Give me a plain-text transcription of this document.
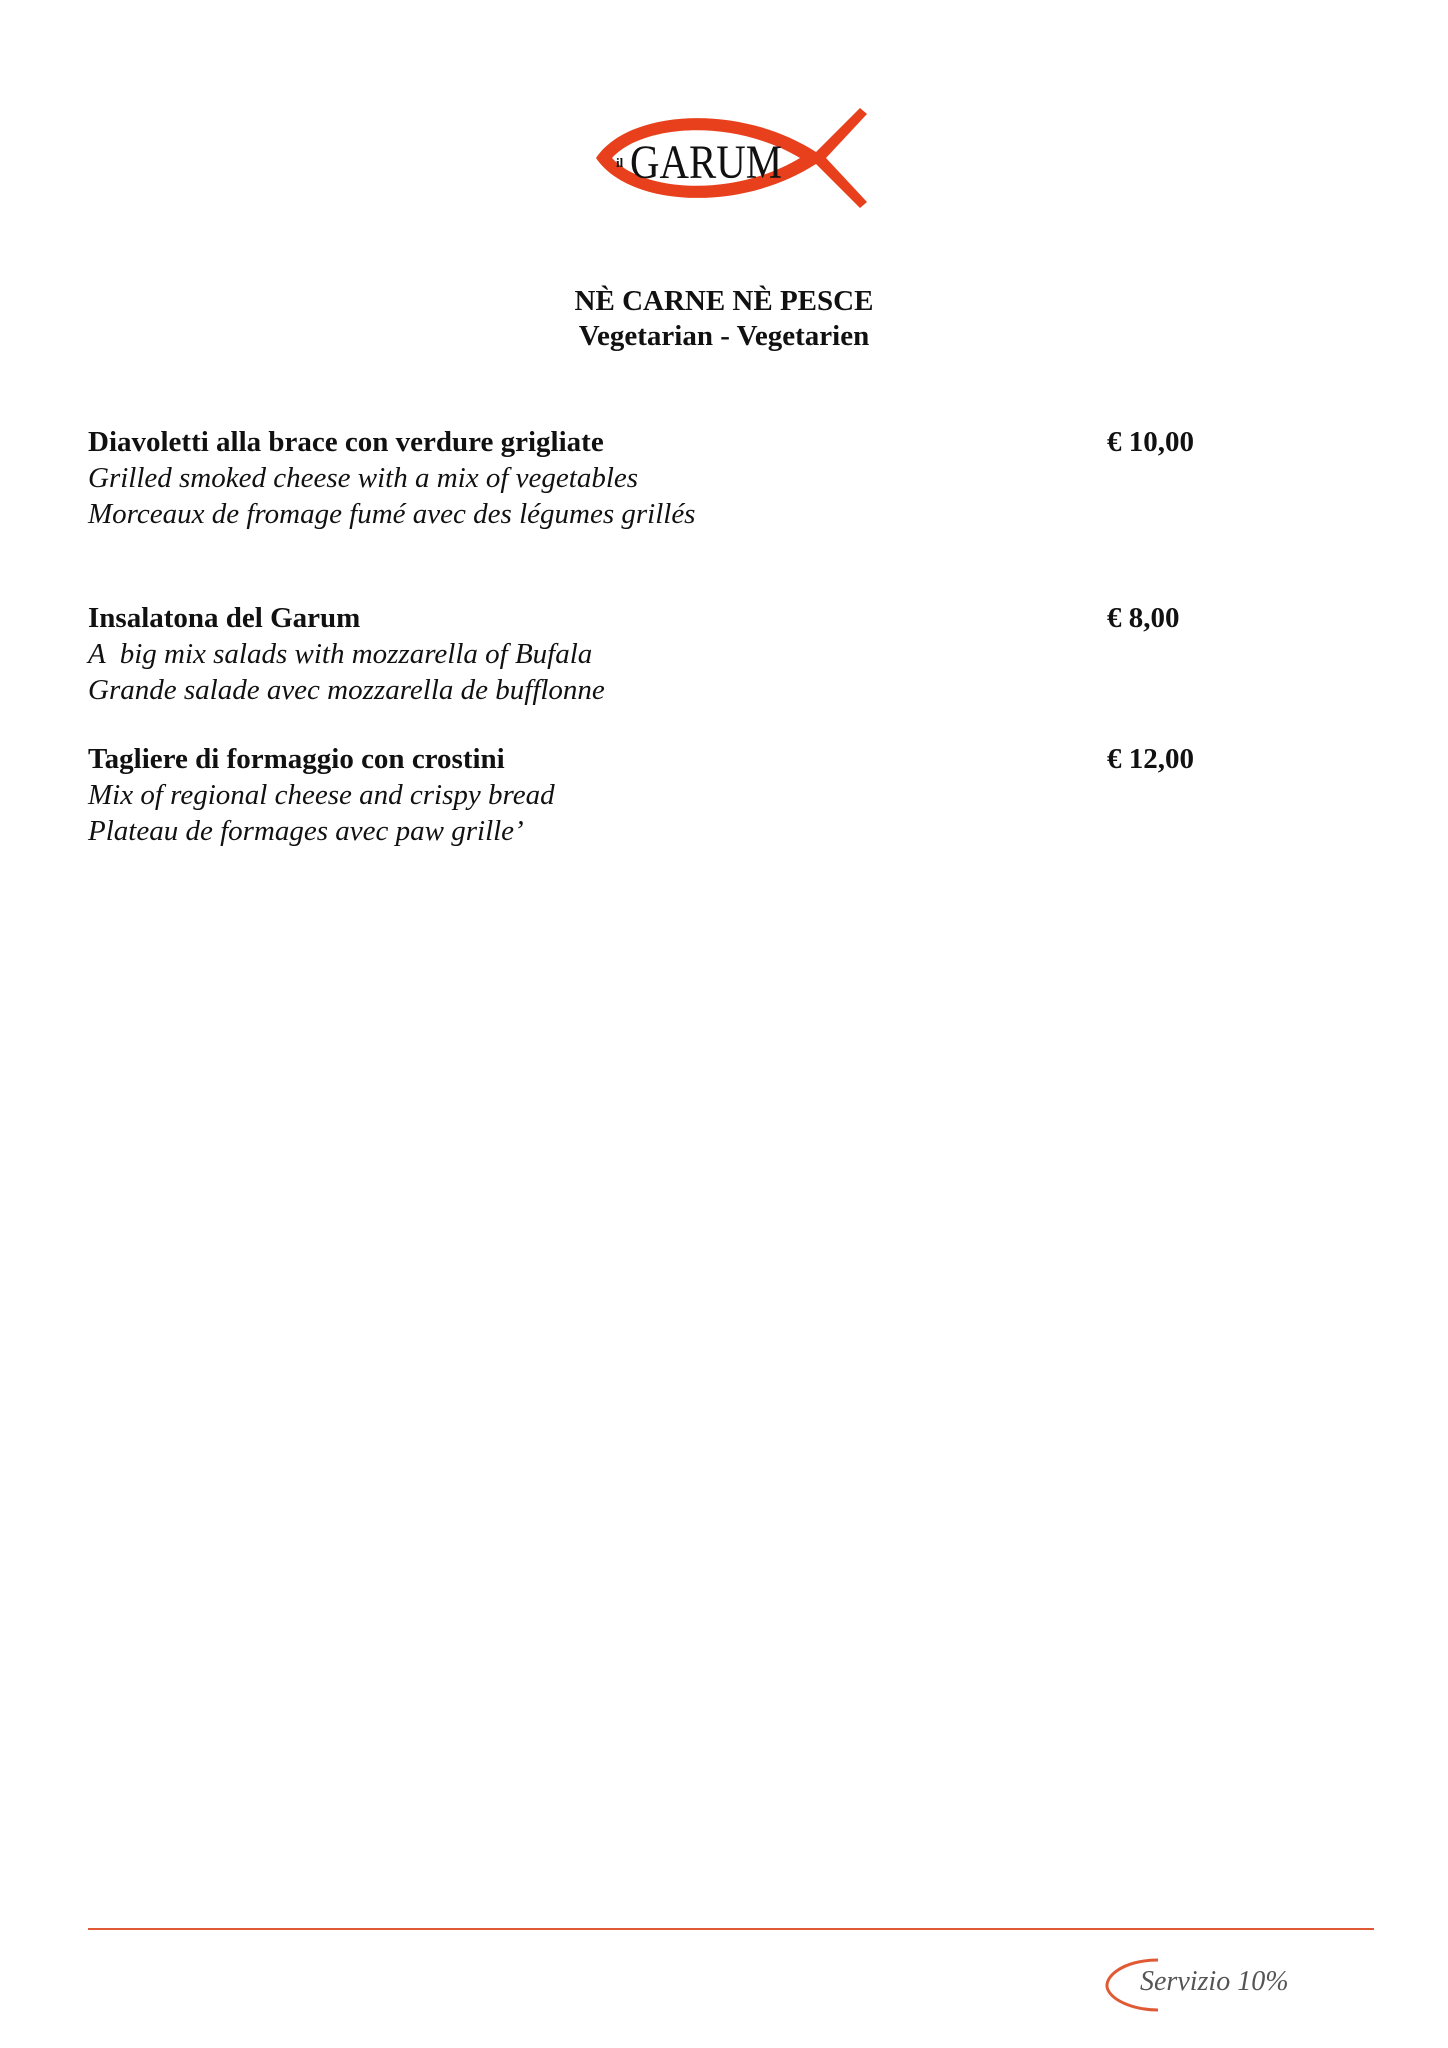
il GARUM
NÈ CARNE NÈ PESCE
Vegetarian - Vegetarien
Diavoletti alla brace con verdure grigliate	€ 10,00
Grilled smoked cheese with a mix of vegetables
Morceaux de fromage fumé avec des légumes grillés
Insalatona del Garum	€ 8,00
A  big mix salads with mozzarella of Bufala
Grande salade avec mozzarella de bufflonne
Tagliere di formaggio con crostini	€ 12,00
Mix of regional cheese and crispy bread
Plateau de formages avec paw grille’
Servizio 10%
